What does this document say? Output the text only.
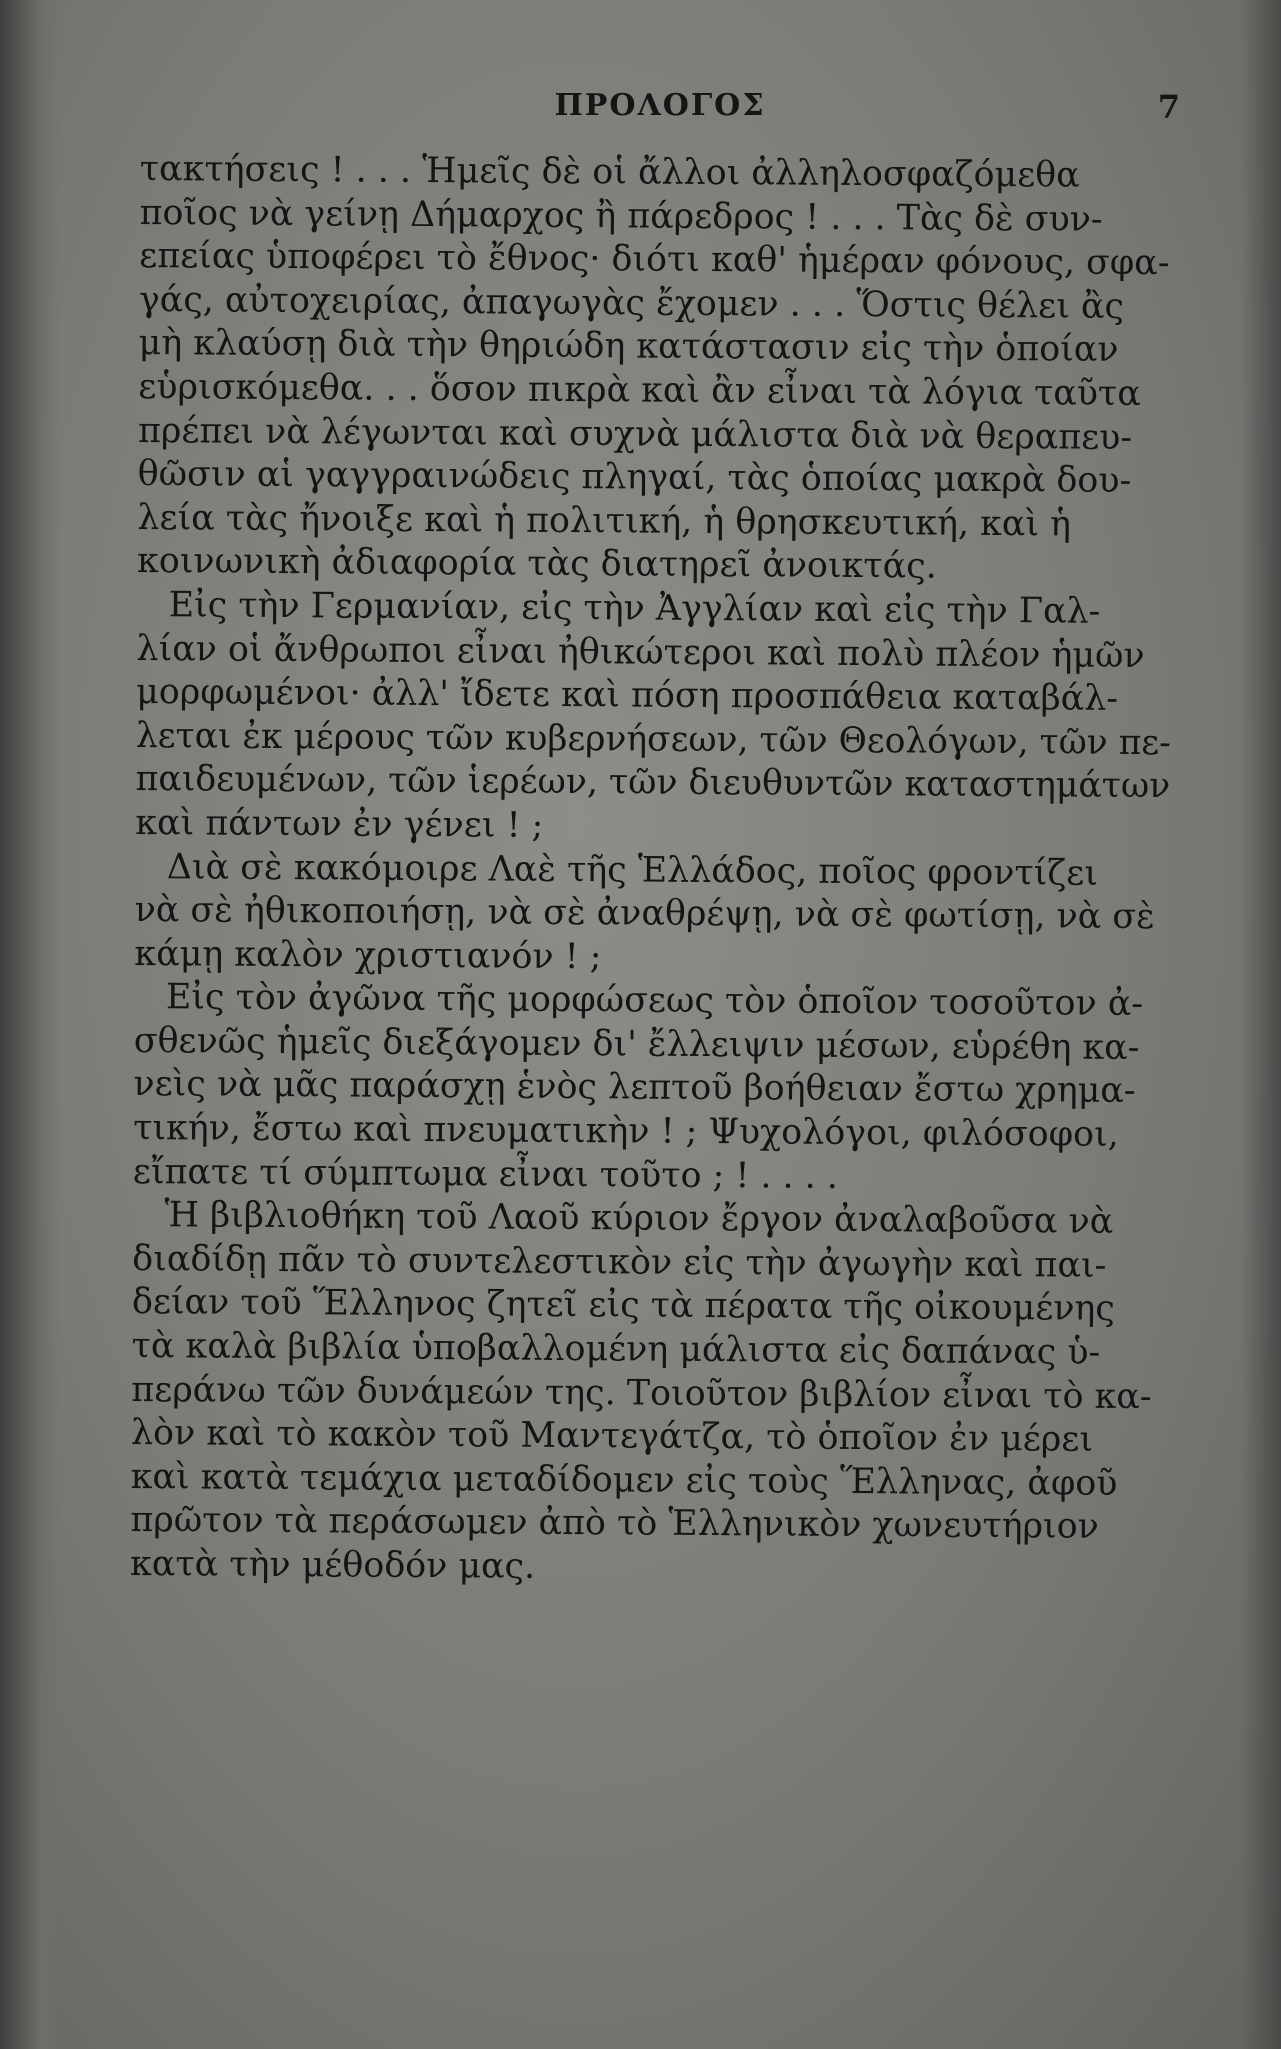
ΠΡΟΛΟΓΟΣ	7
τακτήσεις ! . . . Ἡμεῖς δὲ οἱ ἄλλοι ἀλληλοσφαζόμεθα
ποῖος νὰ γείνῃ Δήμαρχος ἢ πάρεδρος ! . . . Τὰς δὲ συν-
επείας ὑποφέρει τὸ ἔθνος· διότι καθ' ἡμέραν φόνους, σφα-
γάς, αὐτοχειρίας, ἀπαγωγὰς ἔχομεν . . . Ὅστις θέλει ἂς
μὴ κλαύσῃ διὰ τὴν θηριώδη κατάστασιν εἰς τὴν ὁποίαν
εὑρισκόμεθα. . . ὅσον πικρὰ καὶ ἂν εἶναι τὰ λόγια ταῦτα
πρέπει νὰ λέγωνται καὶ συχνὰ μάλιστα διὰ νὰ θεραπευ-
θῶσιν αἱ γαγγραινώδεις πληγαί, τὰς ὁποίας μακρὰ δου-
λεία τὰς ἤνοιξε καὶ ἡ πολιτική, ἡ θρησκευτική, καὶ ἡ
κοινωνικὴ ἀδιαφορία τὰς διατηρεῖ ἀνοικτάς.
Εἰς τὴν Γερμανίαν, εἰς τὴν Ἀγγλίαν καὶ εἰς τὴν Γαλ-
λίαν οἱ ἄνθρωποι εἶναι ἠθικώτεροι καὶ πολὺ πλέον ἡμῶν
μορφωμένοι· ἀλλ' ἴδετε καὶ πόση προσπάθεια καταβάλ-
λεται ἐκ μέρους τῶν κυβερνήσεων, τῶν Θεολόγων, τῶν πε-
παιδευμένων, τῶν ἱερέων, τῶν διευθυντῶν καταστημάτων
καὶ πάντων ἐν γένει ! ;
Διὰ σὲ κακόμοιρε Λαὲ τῆς Ἑλλάδος, ποῖος φροντίζει
νὰ σὲ ἠθικοποιήσῃ, νὰ σὲ ἀναθρέψῃ, νὰ σὲ φωτίσῃ, νὰ σὲ
κάμῃ καλὸν χριστιανόν ! ;
Εἰς τὸν ἀγῶνα τῆς μορφώσεως τὸν ὁποῖον τοσοῦτον ἀ-
σθενῶς ἡμεῖς διεξάγομεν δι' ἔλλειψιν μέσων, εὑρέθη κα-
νεὶς νὰ μᾶς παράσχῃ ἑνὸς λεπτοῦ βοήθειαν ἔστω χρημα-
τικήν, ἔστω καὶ πνευματικὴν ! ; Ψυχολόγοι, φιλόσοφοι,
εἴπατε τί σύμπτωμα εἶναι τοῦτο ; ! . . . .
Ἡ βιβλιοθήκη τοῦ Λαοῦ κύριον ἔργον ἀναλαβοῦσα νὰ
διαδίδῃ πᾶν τὸ συντελεστικὸν εἰς τὴν ἀγωγὴν καὶ παι-
δείαν τοῦ Ἕλληνος ζητεῖ εἰς τὰ πέρατα τῆς οἰκουμένης
τὰ καλὰ βιβλία ὑποβαλλομένη μάλιστα εἰς δαπάνας ὑ-
περάνω τῶν δυνάμεών της. Τοιοῦτον βιβλίον εἶναι τὸ κα-
λὸν καὶ τὸ κακὸν τοῦ Μαντεγάτζα, τὸ ὁποῖον ἐν μέρει
καὶ κατὰ τεμάχια μεταδίδομεν εἰς τοὺς Ἕλληνας, ἀφοῦ
πρῶτον τὰ περάσωμεν ἀπὸ τὸ Ἑλληνικὸν χωνευτήριον
κατὰ τὴν μέθοδόν μας.
